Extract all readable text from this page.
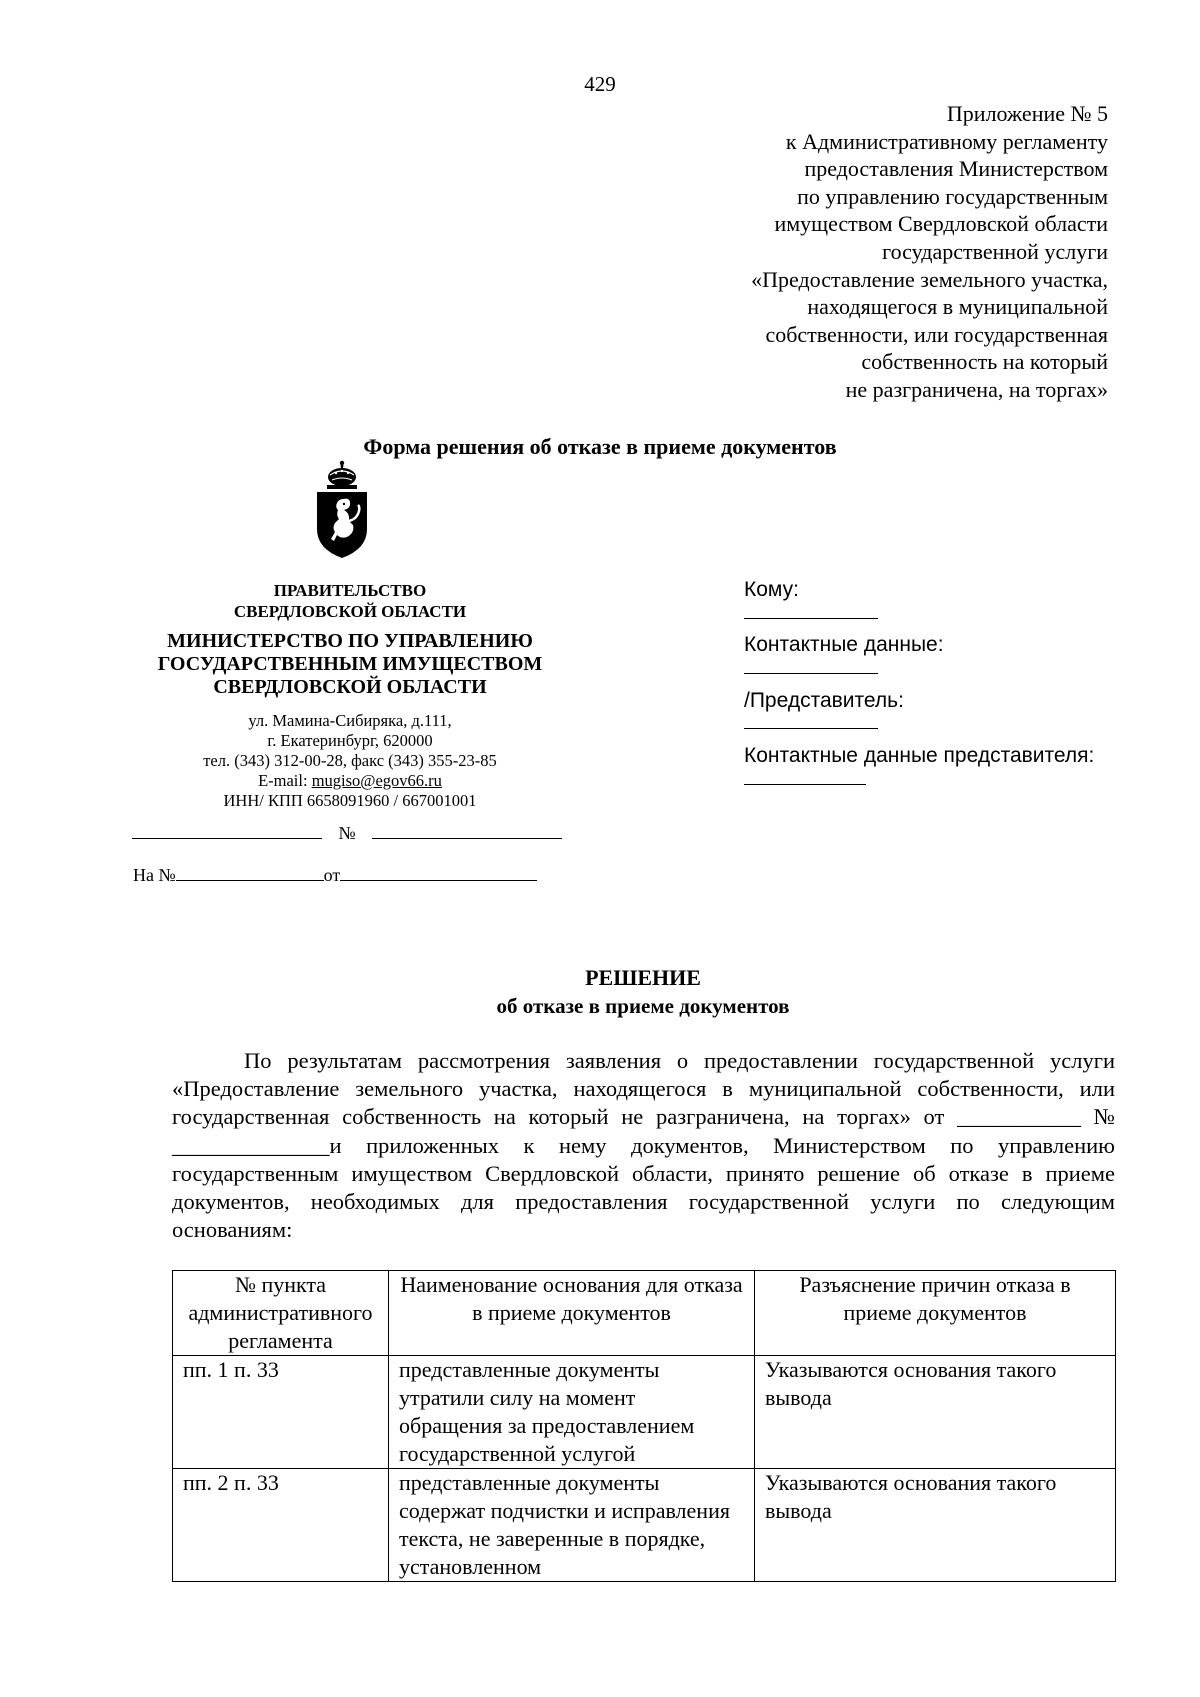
429
Приложение № 5
к Административному регламенту
предоставления Министерством
по управлению государственным
имуществом Свердловской области
государственной услуги
«Предоставление земельного участка,
находящегося в муниципальной
собственности, или государственная
собственность на который
не разграничена, на торгах»
Форма решения об отказе в приеме документов
ПРАВИТЕЛЬСТВО
СВЕРДЛОВСКОЙ ОБЛАСТИ
МИНИСТЕРСТВО ПО УПРАВЛЕНИЮ
ГОСУДАРСТВЕННЫМ ИМУЩЕСТВОМ
СВЕРДЛОВСКОЙ ОБЛАСТИ
ул. Мамина-Сибиряка, д.111,
г. Екатеринбург, 620000
тел. (343) 312-00-28, факс (343) 355-23-85
E-mail: mugiso@egov66.ru
ИНН/ КПП 6658091960 / 667001001
№
На №	от
Кому:
Контактные данные:
/Представитель:
Контактные данные представителя:
РЕШЕНИЕ
об отказе в приеме документов
По результатам рассмотрения заявления о предоставлении государственной услуги «Предоставление земельного участка, находящегося в муниципальной собственности, или государственная собственность на который не разграничена, на торгах» от ___________ № ______________и приложенных к нему документов, Министерством по управлению государственным имуществом Свердловской области, принято решение об отказе в приеме документов, необходимых для предоставления государственной услуги по следующим основаниям:
№ пункта административного регламента	Наименование основания для отказа в приеме документов	Разъяснение причин отказа в приеме документов
пп. 1 п. 33	представленные документы утратили силу на момент обращения за предоставлением государственной услугой	Указываются основания такого вывода
пп. 2 п. 33	представленные документы содержат подчистки и исправления текста, не заверенные в порядке, установленном	Указываются основания такого вывода
